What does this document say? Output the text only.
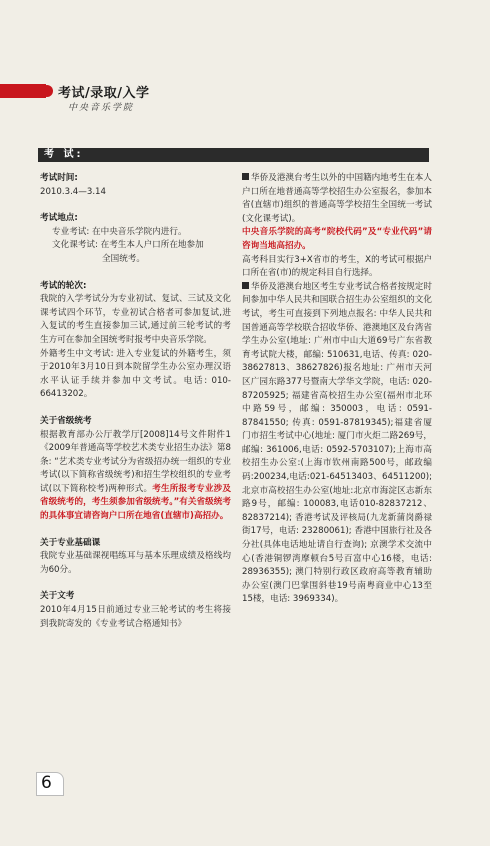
考试/录取/入学
中央音乐学院
考 试:

考试时间:

2010.3.4—3.14

考试地点:

专业考试: 在中央音乐学院内进行。

文化课考试: 在考生本人户口所在地参加

全国统考。

考试的轮次:

我院的入学考试分为专业初试、复试、三试及文化课考试四个环节，专业初试合格者可参加复试,进入复试的考生直接参加三试,通过前三轮考试的考生方可在参加全国统考时报考中央音乐学院。

外籍考生中文考试: 进入专业复试的外籍考生，须于2010年3月10日到本院留学生办公室办理汉语水平认证手续并参加中文考试。电话: 010-66413202。

关于省级统考

根据教育部办公厅教学厅[2008]14号文件附件1《2009年普通高等学校艺术类专业招生办法》第8条: “艺术类专业考试分为省级招办统一组织的专业考试(以下简称省级统考)和招生学校组织的专业考试(以下简称校考)两种形式。考生所报考专业涉及省级统考的，考生须参加省级统考。”有关省级统考的具体事宜请咨询户口所在地省(直辖市)高招办。

关于专业基础课

我院专业基础课视唱练耳与基本乐理成绩及格线均为60分。

关于文考

2010年4月15日前通过专业三轮考试的考生将接到我院寄发的《专业考试合格通知书》

华侨及港澳台考生以外的中国籍内地考生在本人户口所在地普通高等学校招生办公室报名，参加本省(直辖市)组织的普通高等学校招生全国统一考试(文化课考试)。

中央音乐学院的高考“院校代码”及“专业代码”请咨询当地高招办。

高考科目实行3+X省市的考生，X的考试可根据户口所在省(市)的规定科目自行选择。

华侨及港澳台地区考生专业考试合格者按规定时间参加中华人民共和国联合招生办公室组织的文化考试，考生可直接到下列地点报名: 中华人民共和国普通高等学校联合招收华侨、港澳地区及台湾省学生办公室(地址: 广州市中山大道69号广东省教育考试院大楼，邮编: 510631,电话、传真: 020-38627813、38627826)报名地址: 广州市天河区广园东路377号暨南大学华文学院，电话: 020-87205925; 福建省高校招生办公室(福州市北环中路59号，邮编: 350003，电话: 0591-87841550; 传真: 0591-87819345);福建省厦门市招生考试中心(地址: 厦门市火炬二路269号，邮编: 361006,电话: 0592-5703107);上海市高校招生办公室:(上海市钦州南路500号，邮政编码:200234,电话:021-64513403、64511200); 北京市高校招生办公室(地址:北京市海淀区志新东路9号，邮编: 100083,电话010-82837212、82837214); 香港考试及评核局(九龙新蒲岗爵禄街17号，电话: 23280061); 香港中国旅行社及各分社(具体电话地址请自行查询); 京澳学术交流中心(香港铜锣湾摩顿台5号百富中心16楼，电话: 28936355); 澳门特别行政区政府高等教育辅助办公室(澳门巴掌围斜巷19号南粤商业中心13至15楼，电话: 3969334)。

6
